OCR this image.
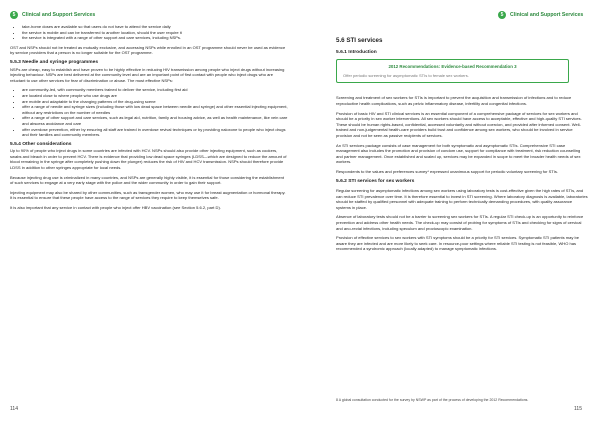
5	Clinical and Support Services
• take-home doses are available so that users do not have to attend the service daily
• the service is mobile and can be transferred to another location, should the user require it
• the service is integrated with a range of other support and care services, including NSPs.

OST and NSPs should not be treated as mutually exclusive, and accessing NSPs while enrolled in an OST programme should never be used as evidence by service providers that a person is no longer suitable for the OST programme.

5.5.3 Needle and syringe programmes

NSPs are cheap, easy to establish and have proven to be highly effective in reducing HIV transmission among people who inject drugs without increasing injecting behaviour. NSPs are best delivered at the community level and are an important point of first contact with people who inject drugs who are reluctant to use other services for fear of discrimination or abuse. The most effective NSPs:

• are community-led, with community members trained to deliver the service, including first aid
• are located close to where people who use drugs are
• are mobile and adaptable to the changing patterns of the drug-using scene
• offer a range of needle and syringe sizes (including those with low dead space between needle and syringe) and other essential injecting equipment, without any restrictions on the number of needles
• offer a range of other support and care services, such as legal aid, nutrition, family and housing advice, as well as health maintenance, like vein care and abscess avoidance and care
• offer overdose prevention, either by ensuring all staff are trained in overdose revival techniques or by providing naloxone to people who inject drugs and their families and community members.
5.5.4 Other considerations

Up to 90% of people who inject drugs in some countries are infected with HCV. NSPs should also provide other injecting equipment, such as cookers, swabs and bleach in order to prevent HCV. There is evidence that providing low dead space syringes (LDSS—which are designed to reduce the amount of blood remaining in the syringe after completely pushing down the plunger) reduces the risk of HIV and HCV transmission. NSPs should therefore provide LDSS in addition to other syringes appropriate for local needs.

Because injecting drug use is criminalized in many countries, and NSPs are generally highly visible, it is essential for those considering the establishment of such services to engage at a very early stage with the police and the wider community in order to gain their support.

Injecting equipment may also be shared by other communities, such as transgender women, who may use it for breast augmentation or hormonal therapy. It is essential to ensure that these people have access to the range of services they require to keep themselves safe.

It is also important that any service in contact with people who inject offer HBV vaccination (see Section 5.6.2, part D).

114
5	Clinical and Support Services
5.6 STI services
5.6.1 Introduction
2012 Recommendations: Evidence-based Recommendation 3
Offer periodic screening for asymptomatic STIs to female sex workers.

Screening and treatment of sex workers for STIs is important to prevent the acquisition and transmission of infections and to reduce reproductive health complications, such as pelvic inflammatory disease, infertility and congenital infections.

Provision of basic HIV and STI clinical services is an essential component of a comprehensive package of services for sex workers and should be a priority in sex worker interventions. All sex workers should have access to acceptable, effective and high-quality STI services. These should be human rights-based, confidential, accessed voluntarily and without coercion, and provided after informed consent. Well-trained and non-judgemental health-care providers build trust and confidence among sex workers, who should be involved in service provision and not be seen as passive recipients of services.

An STI services package consists of case management for both symptomatic and asymptomatic STIs. Comprehensive STI case management also includes the promotion and provision of condom use, support for compliance with treatment, risk reduction counselling and partner management. Once established and scaled up, services may be expanded in scope to meet the broader health needs of sex workers.

Respondents to the values and preferences survey* expressed unanimous support for periodic voluntary screening for STIs.

5.6.2 STI services for sex workers

Regular screening for asymptomatic infections among sex workers using laboratory tests is cost-effective given the high rates of STIs, and can reduce STI prevalence over time. It is therefore essential to invest in STI screening. Where laboratory diagnosis is available, laboratories should be staffed by qualified personnel with adequate training to perform technically demanding procedures, with quality assurance systems in place.

Absence of laboratory tests should not be a barrier to screening sex workers for STIs. A regular STI check-up is an opportunity to reinforce prevention and address other health needs. The check-up may consist of probing for symptoms of STIs and checking for signs of cervical and ano-rectal infections, including speculum and proctoscopic examination.

Provision of effective services to sex workers with STI symptoms should be a priority for STI services. Symptomatic STI patients may be aware they are infected and are more likely to seek care. In resource-poor settings where reliable STI testing is not feasible, WHO has recommended a syndromic approach (locally adapted) to manage symptomatic infections.

8 A global consultation conducted for the survey by NSWP as part of the process of developing the 2012 Recommendations.
115
